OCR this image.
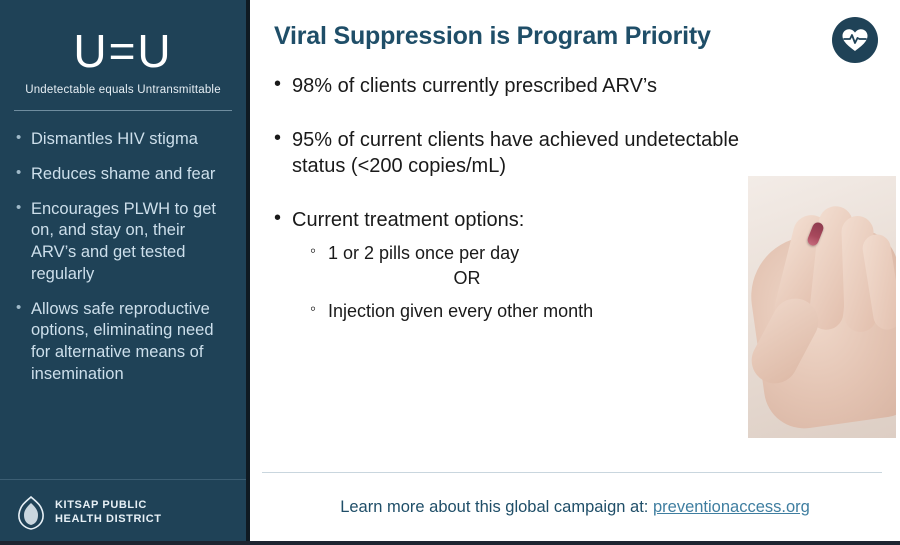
U=U
Undetectable equals Untransmittable
• Dismantles HIV stigma
• Reduces shame and fear
• Encourages PLWH to get on, and stay on, their ARV’s and get tested regularly
• Allows safe reproductive options, eliminating need for alternative means of insemination
KITSAP PUBLIC
HEALTH DISTRICT
Viral Suppression is Program Priority
• 98% of clients currently prescribed ARV’s
• 95% of current clients have achieved undetectable status (<200 copies/mL)
• Current treatment options:
◦ 1 or 2 pills once per day
OR
◦ Injection given every other month
Learn more about this global campaign at: preventionaccess.org
